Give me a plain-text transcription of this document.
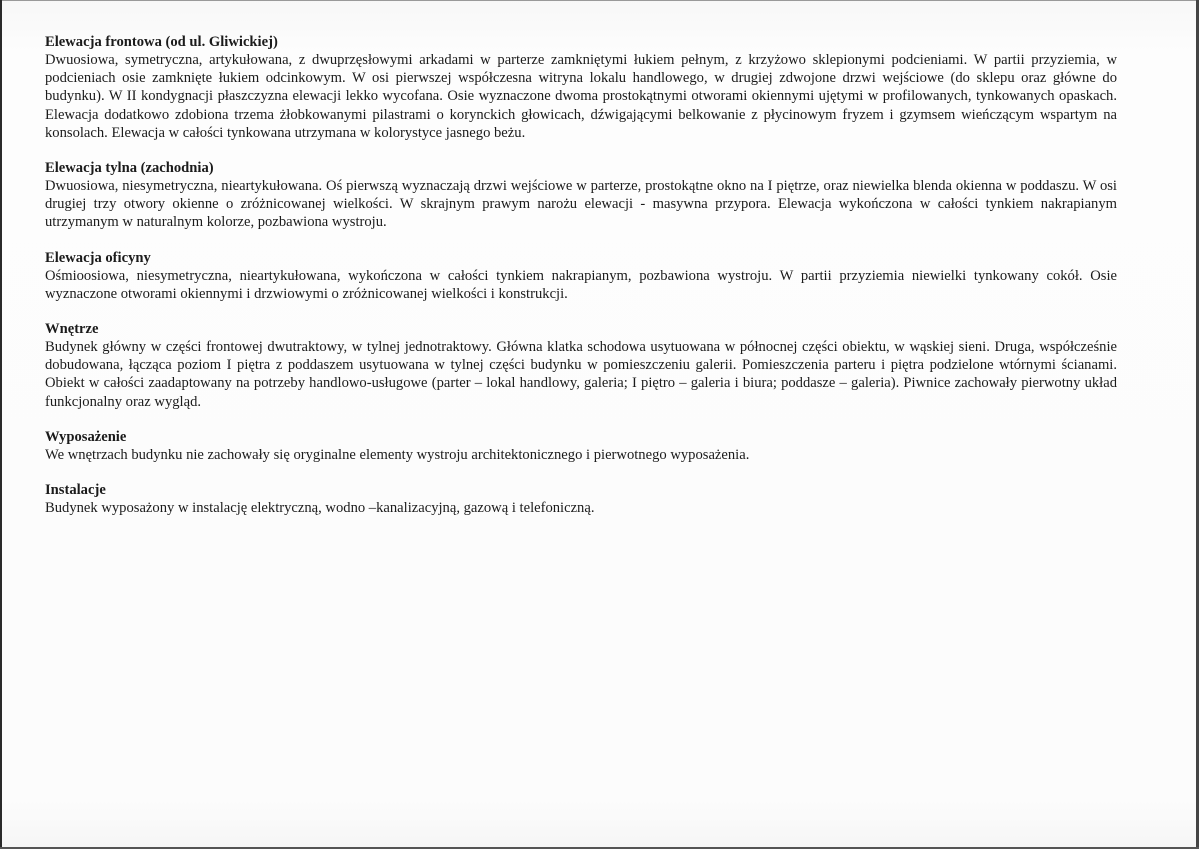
Elewacja frontowa (od ul. Gliwickiej)

Dwuosiowa, symetryczna, artykułowana, z dwuprzęsłowymi arkadami w parterze zamkniętymi łukiem pełnym, z krzyżowo sklepionymi podcieniami. W partii przyziemia, w podcieniach osie zamknięte łukiem odcinkowym. W osi pierwszej współczesna witryna lokalu handlowego, w drugiej zdwojone drzwi wejściowe (do sklepu oraz główne do budynku). W II kondygnacji płaszczyzna elewacji lekko wycofana. Osie wyznaczone dwoma prostokątnymi otworami okiennymi ujętymi w profilowanych, tynkowanych opaskach. Elewacja dodatkowo zdobiona trzema żłobkowanymi pilastrami o korynckich głowicach, dźwigającymi belkowanie z płycinowym fryzem i gzymsem wieńczącym wspartym na konsolach. Elewacja w całości tynkowana utrzymana w kolorystyce jasnego beżu.

Elewacja tylna (zachodnia)

Dwuosiowa, niesymetryczna, nieartykułowana. Oś pierwszą wyznaczają drzwi wejściowe w parterze, prostokątne okno na I piętrze, oraz niewielka blenda okienna w poddaszu. W osi drugiej trzy otwory okienne o zróżnicowanej wielkości. W skrajnym prawym narożu elewacji - masywna przypora. Elewacja wykończona w całości tynkiem nakrapianym utrzymanym w naturalnym kolorze, pozbawiona wystroju.

Elewacja oficyny

Ośmioosiowa, niesymetryczna, nieartykułowana, wykończona w całości tynkiem nakrapianym, pozbawiona wystroju. W partii przyziemia niewielki tynkowany cokół. Osie wyznaczone otworami okiennymi i drzwiowymi o zróżnicowanej wielkości i konstrukcji.

Wnętrze

Budynek główny w części frontowej dwutraktowy, w tylnej jednotraktowy. Główna klatka schodowa usytuowana w północnej części obiektu, w wąskiej sieni. Druga, współcześnie dobudowana, łącząca poziom I piętra z poddaszem usytuowana w tylnej części budynku w pomieszczeniu galerii. Pomieszczenia parteru i piętra podzielone wtórnymi ścianami. Obiekt w całości zaadaptowany na potrzeby handlowo-usługowe (parter – lokal handlowy, galeria; I piętro – galeria i biura; poddasze – galeria). Piwnice zachowały pierwotny układ funkcjonalny oraz wygląd.

Wyposażenie

We wnętrzach budynku nie zachowały się oryginalne elementy wystroju architektonicznego i pierwotnego wyposażenia.

Instalacje

Budynek wyposażony w instalację elektryczną, wodno –kanalizacyjną, gazową i telefoniczną.
